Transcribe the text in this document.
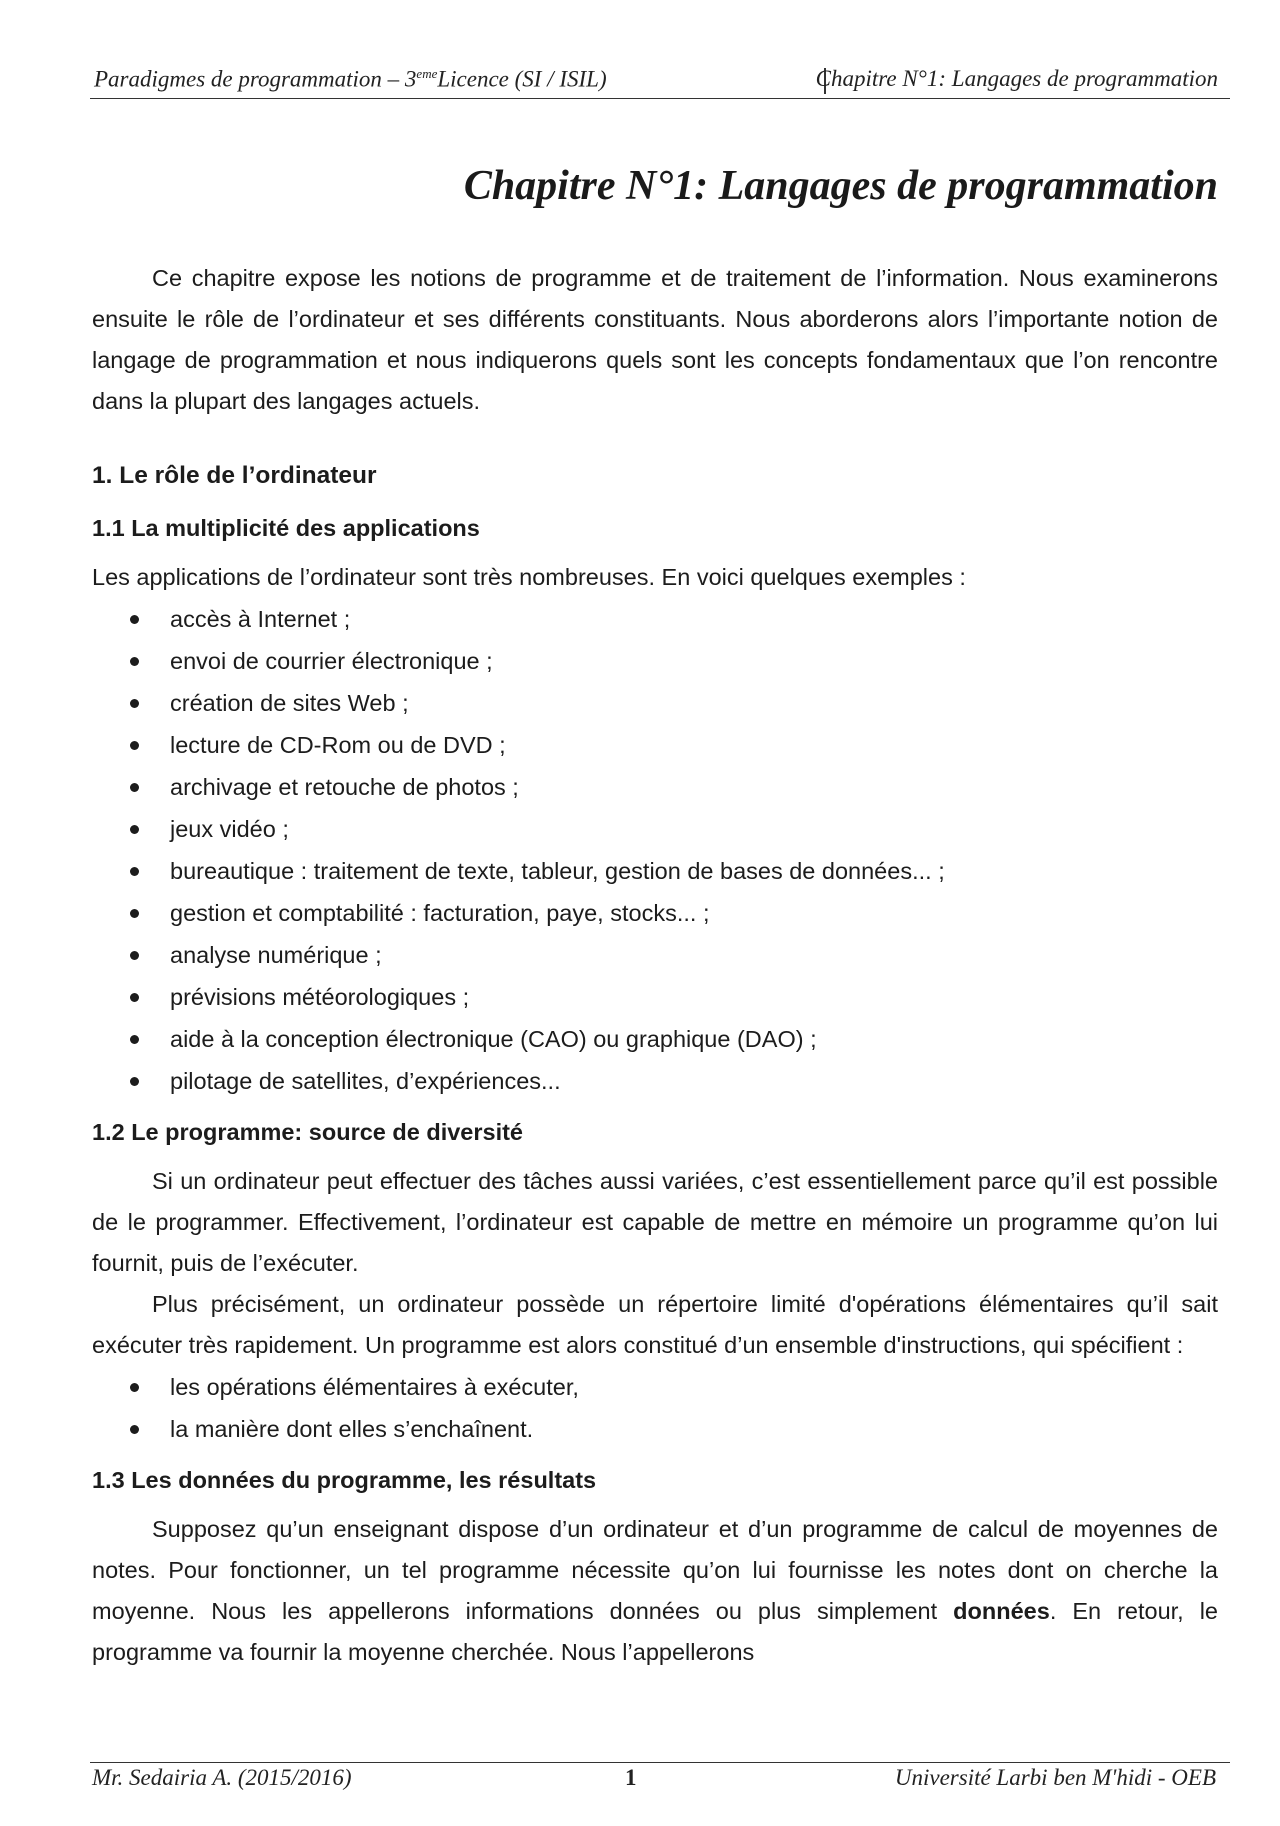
Paradigmes de programmation – 3emeLicence (SI / ISIL)	Chapitre N°1: Langages de programmation
Chapitre N°1: Langages de programmation

Ce chapitre expose les notions de programme et de traitement de l’information. Nous examinerons ensuite le rôle de l’ordinateur et ses différents constituants. Nous aborderons alors l’importante notion de langage de programmation et nous indiquerons quels sont les concepts fondamentaux que l’on rencontre dans la plupart des langages actuels.

1. Le rôle de l’ordinateur

1.1 La multiplicité des applications

Les applications de l’ordinateur sont très nombreuses. En voici quelques exemples :

accès à Internet ;
envoi de courrier électronique ;
création de sites Web ;
lecture de CD-Rom ou de DVD ;
archivage et retouche de photos ;
jeux vidéo ;
bureautique : traitement de texte, tableur, gestion de bases de données... ;
gestion et comptabilité : facturation, paye, stocks... ;
analyse numérique ;
prévisions météorologiques ;
aide à la conception électronique (CAO) ou graphique (DAO) ;
pilotage de satellites, d’expériences...

1.2 Le programme: source de diversité

Si un ordinateur peut effectuer des tâches aussi variées, c’est essentiellement parce qu’il est possible de le programmer. Effectivement, l’ordinateur est capable de mettre en mémoire un programme qu’on lui fournit, puis de l’exécuter.

Plus précisément, un ordinateur possède un répertoire limité d'opérations élémentaires qu’il sait exécuter très rapidement. Un programme est alors constitué d’un ensemble d'instructions, qui spécifient :

les opérations élémentaires à exécuter,
la manière dont elles s’enchaînent.

1.3 Les données du programme, les résultats

Supposez qu’un enseignant dispose d’un ordinateur et d’un programme de calcul de moyennes de notes. Pour fonctionner, un tel programme nécessite qu’on lui fournisse les notes dont on cherche la moyenne. Nous les appellerons informations données ou plus simplement données. En retour, le programme va fournir la moyenne cherchée. Nous l’appellerons

Mr. Sedairia A. (2015/2016)	1	Université Larbi ben M'hidi - OEB
